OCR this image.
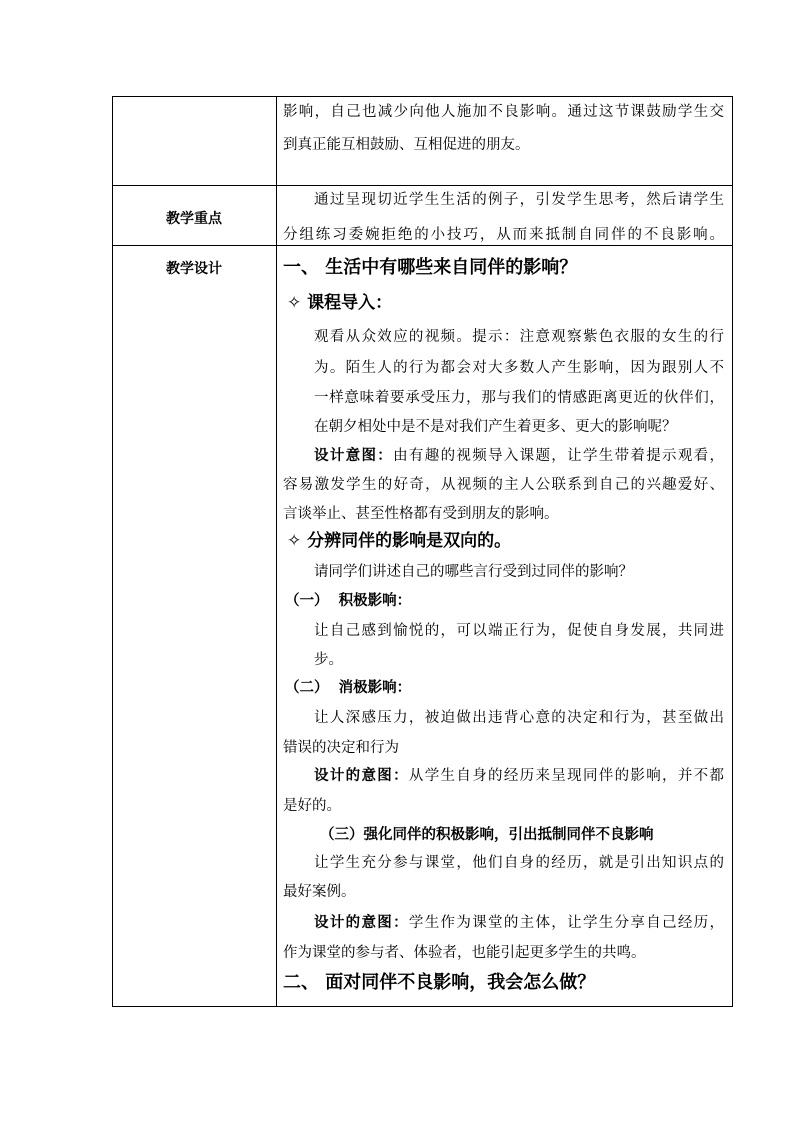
影响，自己也减少向他人施加不良影响。通过这节课鼓励学生交
到真正能互相鼓励、互相促进的朋友。
教学重点
通过呈现切近学生生活的例子，引发学生思考，然后请学生
分组练习委婉拒绝的小技巧，从而来抵制自同伴的不良影响。
教学设计	一、 生活中有哪些来自同伴的影响？
✧ 课程导入：
观看从众效应的视频。提示：注意观察紫色衣服的女生的行
为。陌生人的行为都会对大多数人产生影响，因为跟别人不
一样意味着要承受压力，那与我们的情感距离更近的伙伴们，
在朝夕相处中是不是对我们产生着更多、更大的影响呢？
设计意图：由有趣的视频导入课题，让学生带着提示观看，
容易激发学生的好奇，从视频的主人公联系到自己的兴趣爱好、
言谈举止、甚至性格都有受到朋友的影响。
✧ 分辨同伴的影响是双向的。
请同学们讲述自己的哪些言行受到过同伴的影响？
（一） 积极影响：
让自己感到愉悦的，可以端正行为，促使自身发展，共同进
步。
（二） 消极影响：
让人深感压力，被迫做出违背心意的决定和行为，甚至做出
错误的决定和行为
设计的意图：从学生自身的经历来呈现同伴的影响，并不都
是好的。
（三）强化同伴的积极影响，引出抵制同伴不良影响
让学生充分参与课堂，他们自身的经历，就是引出知识点的
最好案例。
设计的意图：学生作为课堂的主体，让学生分享自己经历，
作为课堂的参与者、体验者，也能引起更多学生的共鸣。
二、 面对同伴不良影响，我会怎么做？
